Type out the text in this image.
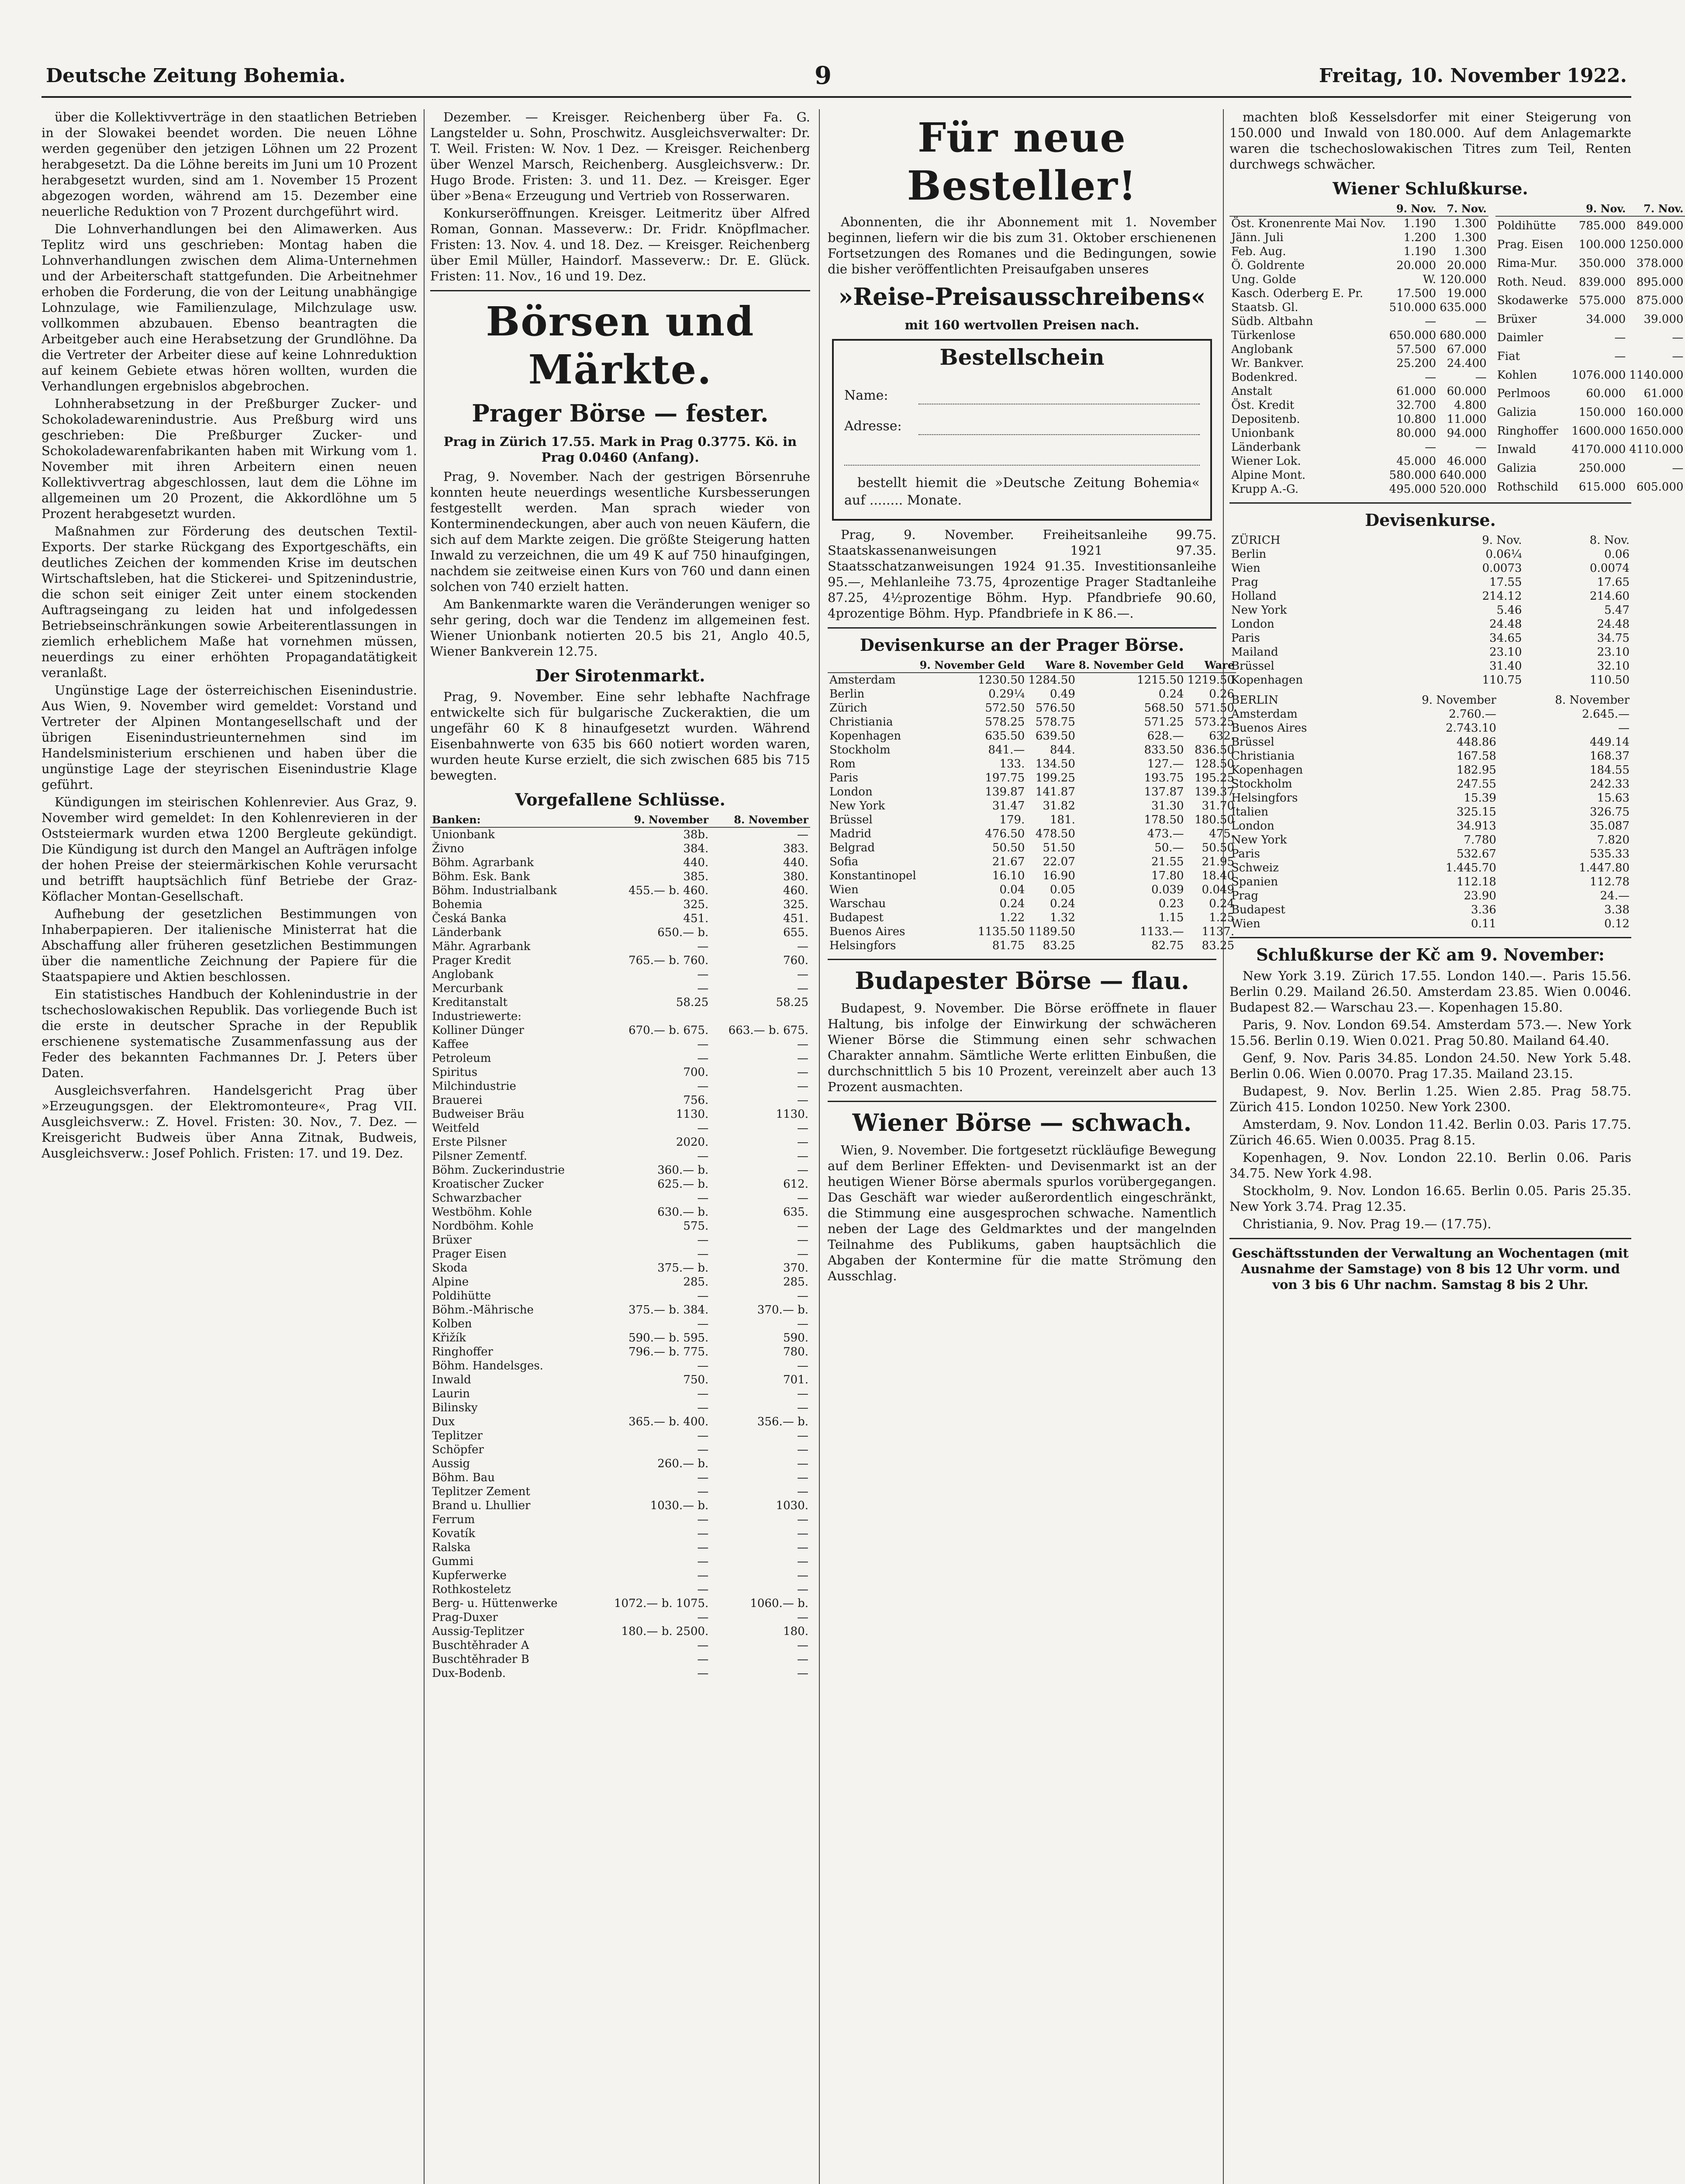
Deutsche Zeitung Bohemia.	9	Freitag, 10. November 1922.

über die Kollektivverträge in den staatlichen Betrieben in der Slowakei beendet worden. Die neuen Löhne werden gegenüber den jetzigen Löhnen um 22 Prozent herabgesetzt. Da die Löhne bereits im Juni um 10 Prozent herabgesetzt wurden, sind am 1. November 15 Prozent abgezogen worden, während am 15. Dezember eine neuerliche Reduktion von 7 Prozent durchgeführt wird.

Die Lohnverhandlungen bei den Alimawerken. Aus Teplitz wird uns geschrieben: Montag haben die Lohnverhandlungen zwischen dem Alima-Unternehmen und der Arbeiterschaft stattgefunden. Die Arbeitnehmer erhoben die Forderung, die von der Leitung unabhängige Lohnzulage, wie Familienzulage, Milchzulage usw. vollkommen abzubauen. Ebenso beantragten die Arbeitgeber auch eine Herabsetzung der Grundlöhne. Da die Vertreter der Arbeiter diese auf keine Lohnreduktion auf keinem Gebiete etwas hören wollten, wurden die Verhandlungen ergebnislos abgebrochen.

Lohnherabsetzung in der Preßburger Zucker- und Schokoladewarenindustrie. Aus Preßburg wird uns geschrieben: Die Preßburger Zucker- und Schokoladewarenfabrikanten haben mit Wirkung vom 1. November mit ihren Arbeitern einen neuen Kollektivvertrag abgeschlossen, laut dem die Löhne im allgemeinen um 20 Prozent, die Akkordlöhne um 5 Prozent herabgesetzt wurden.

Maßnahmen zur Förderung des deutschen Textil-Exports. Der starke Rückgang des Exportgeschäfts, ein deutliches Zeichen der kommenden Krise im deutschen Wirtschaftsleben, hat die Stickerei- und Spitzenindustrie, die schon seit einiger Zeit unter einem stockenden Auftragseingang zu leiden hat und infolgedessen Betriebseinschränkungen sowie Arbeiterentlassungen in ziemlich erheblichem Maße hat vornehmen müssen, neuerdings zu einer erhöhten Propagandatätigkeit veranlaßt.

Ungünstige Lage der österreichischen Eisenindustrie. Aus Wien, 9. November wird gemeldet: Vorstand und Vertreter der Alpinen Montangesellschaft und der übrigen Eisenindustrieunternehmen sind im Handelsministerium erschienen und haben über die ungünstige Lage der steyrischen Eisenindustrie Klage geführt.

Kündigungen im steirischen Kohlenrevier. Aus Graz, 9. November wird gemeldet: In den Kohlenrevieren in der Oststeiermark wurden etwa 1200 Bergleute gekündigt. Die Kündigung ist durch den Mangel an Aufträgen infolge der hohen Preise der steiermärkischen Kohle verursacht und betrifft hauptsächlich fünf Betriebe der Graz-Köflacher Montan-Gesellschaft.

Aufhebung der gesetzlichen Bestimmungen von Inhaberpapieren. Der italienische Ministerrat hat die Abschaffung aller früheren gesetzlichen Bestimmungen über die namentliche Zeichnung der Papiere für die Staatspapiere und Aktien beschlossen.

Ein statistisches Handbuch der Kohlenindustrie in der tschechoslowakischen Republik. Das vorliegende Buch ist die erste in deutscher Sprache in der Republik erschienene systematische Zusammenfassung aus der Feder des bekannten Fachmannes Dr. J. Peters über Daten.

Ausgleichsverfahren. Handelsgericht Prag über »Erzeugungsgen. der Elektromonteure«, Prag VII. Ausgleichsverw.: Z. Hovel. Fristen: 30. Nov., 7. Dez. — Kreisgericht Budweis über Anna Zitnak, Budweis, Ausgleichsverw.: Josef Pohlich. Fristen: 17. und 19. Dez.

Dezember. — Kreisger. Reichenberg über Fa. G. Langstelder u. Sohn, Proschwitz. Ausgleichsverwalter: Dr. T. Weil. Fristen: W. Nov. 1 Dez. — Kreisger. Reichenberg über Wenzel Marsch, Reichenberg. Ausgleichsverw.: Dr. Hugo Brode. Fristen: 3. und 11. Dez. — Kreisger. Eger über »Bena« Erzeugung und Vertrieb von Rosserwaren.

Konkurseröffnungen. Kreisger. Leitmeritz über Alfred Roman, Gonnan. Masseverw.: Dr. Fridr. Knöpflmacher. Fristen: 13. Nov. 4. und 18. Dez. — Kreisger. Reichenberg über Emil Müller, Haindorf. Masseverw.: Dr. E. Glück. Fristen: 11. Nov., 16 und 19. Dez.

Börsen und Märkte.
Prager Börse — fester.
Prag in Zürich 17.55. Mark in Prag 0.3775. Kö. in Prag 0.0460 (Anfang).

Prag, 9. November. Nach der gestrigen Börsenruhe konnten heute neuerdings wesentliche Kursbesserungen festgestellt werden. Man sprach wieder von Konterminendeckungen, aber auch von neuen Käufern, die sich auf dem Markte zeigen. Die größte Steigerung hatten Inwald zu verzeichnen, die um 49 K auf 750 hinaufgingen, nachdem sie zeitweise einen Kurs von 760 und dann einen solchen von 740 erzielt hatten.

Am Bankenmarkte waren die Veränderungen weniger so sehr gering, doch war die Tendenz im allgemeinen fest. Wiener Unionbank notierten 20.5 bis 21, Anglo 40.5, Wiener Bankverein 12.75.

Der Sirotenmarkt.

Prag, 9. November. Eine sehr lebhafte Nachfrage entwickelte sich für bulgarische Zuckeraktien, die um ungefähr 60 K 8 hinaufgesetzt wurden. Während Eisenbahnwerte von 635 bis 660 notiert worden waren, wurden heute Kurse erzielt, die sich zwischen 685 bis 715 bewegten.

Vorgefallene Schlüsse.
Banken:	9. November	8. November
Unionbank	38b.	—
Živno	384.	383.
Böhm. Agrarbank	440.	440.
Böhm. Esk. Bank	385.	380.
Böhm. Industrialbank	455.— b. 460.	460.
Bohemia	325.	325.
Česká Banka	451.	451.
Länderbank	650.— b.	655.
Mähr. Agrarbank	—	—
Prager Kredit	765.— b. 760.	760.
Anglobank	—	—
Mercurbank	—	—
Kreditanstalt	58.25	58.25
Industriewerte:		
Kolliner Dünger	670.— b. 675.	663.— b. 675.
Kaffee	—	—
Petroleum	—	—
Spiritus	700.	—
Milchindustrie	—	—
Brauerei	756.	—
Budweiser Bräu	1130.	1130.
Weitfeld	—	—
Erste Pilsner	2020.	—
Pilsner Zementf.	—	—
Böhm. Zuckerindustrie	360.— b.	—
Kroatischer Zucker	625.— b.	612.
Schwarzbacher	—	—
Westböhm. Kohle	630.— b.	635.
Nordböhm. Kohle	575.	—
Brüxer	—	—
Prager Eisen	—	—
Skoda	375.— b.	370.
Alpine	285.	285.
Poldihütte	—	—
Böhm.-Mährische	375.— b. 384.	370.— b.
Kolben	—	—
Křižík	590.— b. 595.	590.
Ringhoffer	796.— b. 775.	780.
Böhm. Handelsges.	—	—
Inwald	750.	701.
Laurin	—	—
Bilinsky	—	—
Dux	365.— b. 400.	356.— b.
Teplitzer	—	—
Schöpfer	—	—
Aussig	260.— b.	—
Böhm. Bau	—	—
Teplitzer Zement	—	—
Brand u. Lhullier	1030.— b.	1030.
Ferrum	—	—
Kovatík	—	—
Ralska	—	—
Gummi	—	—
Kupferwerke	—	—
Rothkosteletz	—	—
Berg- u. Hüttenwerke	1072.— b. 1075.	1060.— b.
Prag-Duxer	—	—
Aussig-Teplitzer	180.— b. 2500.	180.
Buschtěhrader A	—	—
Buschtěhrader B	—	—
Dux-Bodenb.	—	—
Für neue Besteller!

Abonnenten, die ihr Abonnement mit 1. November beginnen, liefern wir die bis zum 31. Oktober erschienenen Fortsetzungen des Romanes und die Bedingungen, sowie die bisher veröffentlichten Preisaufgaben unseres

»Reise-Preisausschreibens«
mit 160 wertvollen Preisen nach.
Bestellschein
Name:
Adresse:

bestellt hiemit die »Deutsche Zeitung Bohemia« auf ........ Monate.

Prag, 9. November. Freiheitsanleihe 99.75. Staatskassenanweisungen 1921 97.35. Staatsschatzanweisungen 1924 91.35. Investitionsanleihe 95.—, Mehlanleihe 73.75, 4prozentige Prager Stadtanleihe 87.25, 4½prozentige Böhm. Hyp. Pfandbriefe 90.60, 4prozentige Böhm. Hyp. Pfandbriefe in K 86.—.

Devisenkurse an der Prager Börse.
	9. November Geld	Ware	8. November Geld	Ware
Amsterdam	1230.50	1284.50	1215.50	1219.50
Berlin	0.29¼	0.49	0.24	0.26
Zürich	572.50	576.50	568.50	571.50
Christiania	578.25	578.75	571.25	573.25
Kopenhagen	635.50	639.50	628.—	632.
Stockholm	841.—	844.	833.50	836.50
Rom	133.	134.50	127.—	128.50
Paris	197.75	199.25	193.75	195.25
London	139.87	141.87	137.87	139.37
New York	31.47	31.82	31.30	31.70
Brüssel	179.	181.	178.50	180.50
Madrid	476.50	478.50	473.—	475.
Belgrad	50.50	51.50	50.—	50.50
Sofia	21.67	22.07	21.55	21.95
Konstantinopel	16.10	16.90	17.80	18.40
Wien	0.04	0.05	0.039	0.049
Warschau	0.24	0.24	0.23	0.24
Budapest	1.22	1.32	1.15	1.25
Buenos Aires	1135.50	1189.50	1133.—	1137.
Helsingfors	81.75	83.25	82.75	83.25
Budapester Börse — flau.

Budapest, 9. November. Die Börse eröffnete in flauer Haltung, bis infolge der Einwirkung der schwächeren Wiener Börse die Stimmung einen sehr schwachen Charakter annahm. Sämtliche Werte erlitten Einbußen, die durchschnittlich 5 bis 10 Prozent, vereinzelt aber auch 13 Prozent ausmachten.

Wiener Börse — schwach.

Wien, 9. November. Die fortgesetzt rückläufige Bewegung auf dem Berliner Effekten- und Devisenmarkt ist an der heutigen Wiener Börse abermals spurlos vorübergegangen. Das Geschäft war wieder außerordentlich eingeschränkt, die Stimmung eine ausgesprochen schwache. Namentlich neben der Lage des Geldmarktes und der mangelnden Teilnahme des Publikums, gaben hauptsächlich die Abgaben der Kontermine für die matte Strömung den Ausschlag.

machten bloß Kesselsdorfer mit einer Steigerung von 150.000 und Inwald von 180.000. Auf dem Anlagemarkte waren die tschechoslowakischen Titres zum Teil, Renten durchwegs schwächer.

Wiener Schlußkurse.
	9. Nov.	7. Nov.
Öst. Kronenrente Mai Nov.	1.190	1.300
Jänn. Juli	1.200	1.300
Feb. Aug.	1.190	1.300
Ö. Goldrente	20.000	20.000
Ung. Golde	W.	120.000
Kasch. Oderberg E. Pr.	17.500	19.000
Staatsb. Gl.	510.000	635.000
Südb. Altbahn	—	—
Türkenlose	650.000	680.000
Anglobank	57.500	67.000
Wr. Bankver.	25.200	24.400
Bodenkred.	—	—
Anstalt	61.000	60.000
Öst. Kredit	32.700	4.800
Depositenb.	10.800	11.000
Unionbank	80.000	94.000
Länderbank	—	—
Wiener Lok.	45.000	46.000
Alpine Mont.	580.000	640.000
Krupp A.-G.	495.000	520.000
	9. Nov.	7. Nov.
Poldihütte	785.000	849.000
Prag. Eisen	100.000	1250.000
Rima-Mur.	350.000	378.000
Roth. Neud.	839.000	895.000
Skodawerke	575.000	875.000
Brüxer	34.000	39.000
Daimler	—	—
Fiat	—	—
Kohlen	1076.000	1140.000
Perlmoos	60.000	61.000
Galizia	150.000	160.000
Ringhoffer	1600.000	1650.000
Inwald	4170.000	4110.000
Galizia	250.000	—
Rothschild	615.000	605.000
Devisenkurse.
ZÜRICH	9. Nov.	8. Nov.
Berlin	0.06¼	0.06
Wien	0.0073	0.0074
Prag	17.55	17.65
Holland	214.12	214.60
New York	5.46	5.47
London	24.48	24.48
Paris	34.65	34.75
Mailand	23.10	23.10
Brüssel	31.40	32.10
Kopenhagen	110.75	110.50
BERLIN	9. November	8. November
Amsterdam	2.760.—	2.645.—
Buenos Aires	2.743.10	—
Brüssel	448.86	449.14
Christiania	167.58	168.37
Kopenhagen	182.95	184.55
Stockholm	247.55	242.33
Helsingfors	15.39	15.63
Italien	325.15	326.75
London	34.913	35.087
New York	7.780	7.820
Paris	532.67	535.33
Schweiz	1.445.70	1.447.80
Spanien	112.18	112.78
Prag	23.90	24.—
Budapest	3.36	3.38
Wien	0.11	0.12
Schlußkurse der Kč am 9. November:

New York 3.19. Zürich 17.55. London 140.—. Paris 15.56. Berlin 0.29. Mailand 26.50. Amsterdam 23.85. Wien 0.0046. Budapest 82.— Warschau 23.—. Kopenhagen 15.80.

Paris, 9. Nov. London 69.54. Amsterdam 573.—. New York 15.56. Berlin 0.19. Wien 0.021. Prag 50.80. Mailand 64.40.

Genf, 9. Nov. Paris 34.85. London 24.50. New York 5.48. Berlin 0.06. Wien 0.0070. Prag 17.35. Mailand 23.15.

Budapest, 9. Nov. Berlin 1.25. Wien 2.85. Prag 58.75. Zürich 415. London 10250. New York 2300.

Amsterdam, 9. Nov. London 11.42. Berlin 0.03. Paris 17.75. Zürich 46.65. Wien 0.0035. Prag 8.15.

Kopenhagen, 9. Nov. London 22.10. Berlin 0.06. Paris 34.75. New York 4.98.

Stockholm, 9. Nov. London 16.65. Berlin 0.05. Paris 25.35. New York 3.74. Prag 12.35.

Christiania, 9. Nov. Prag 19.— (17.75).

Geschäftsstunden der Verwaltung an Wochentagen (mit Ausnahme der Samstage) von 8 bis 12 Uhr vorm. und von 3 bis 6 Uhr nachm. Samstag 8 bis 2 Uhr.
